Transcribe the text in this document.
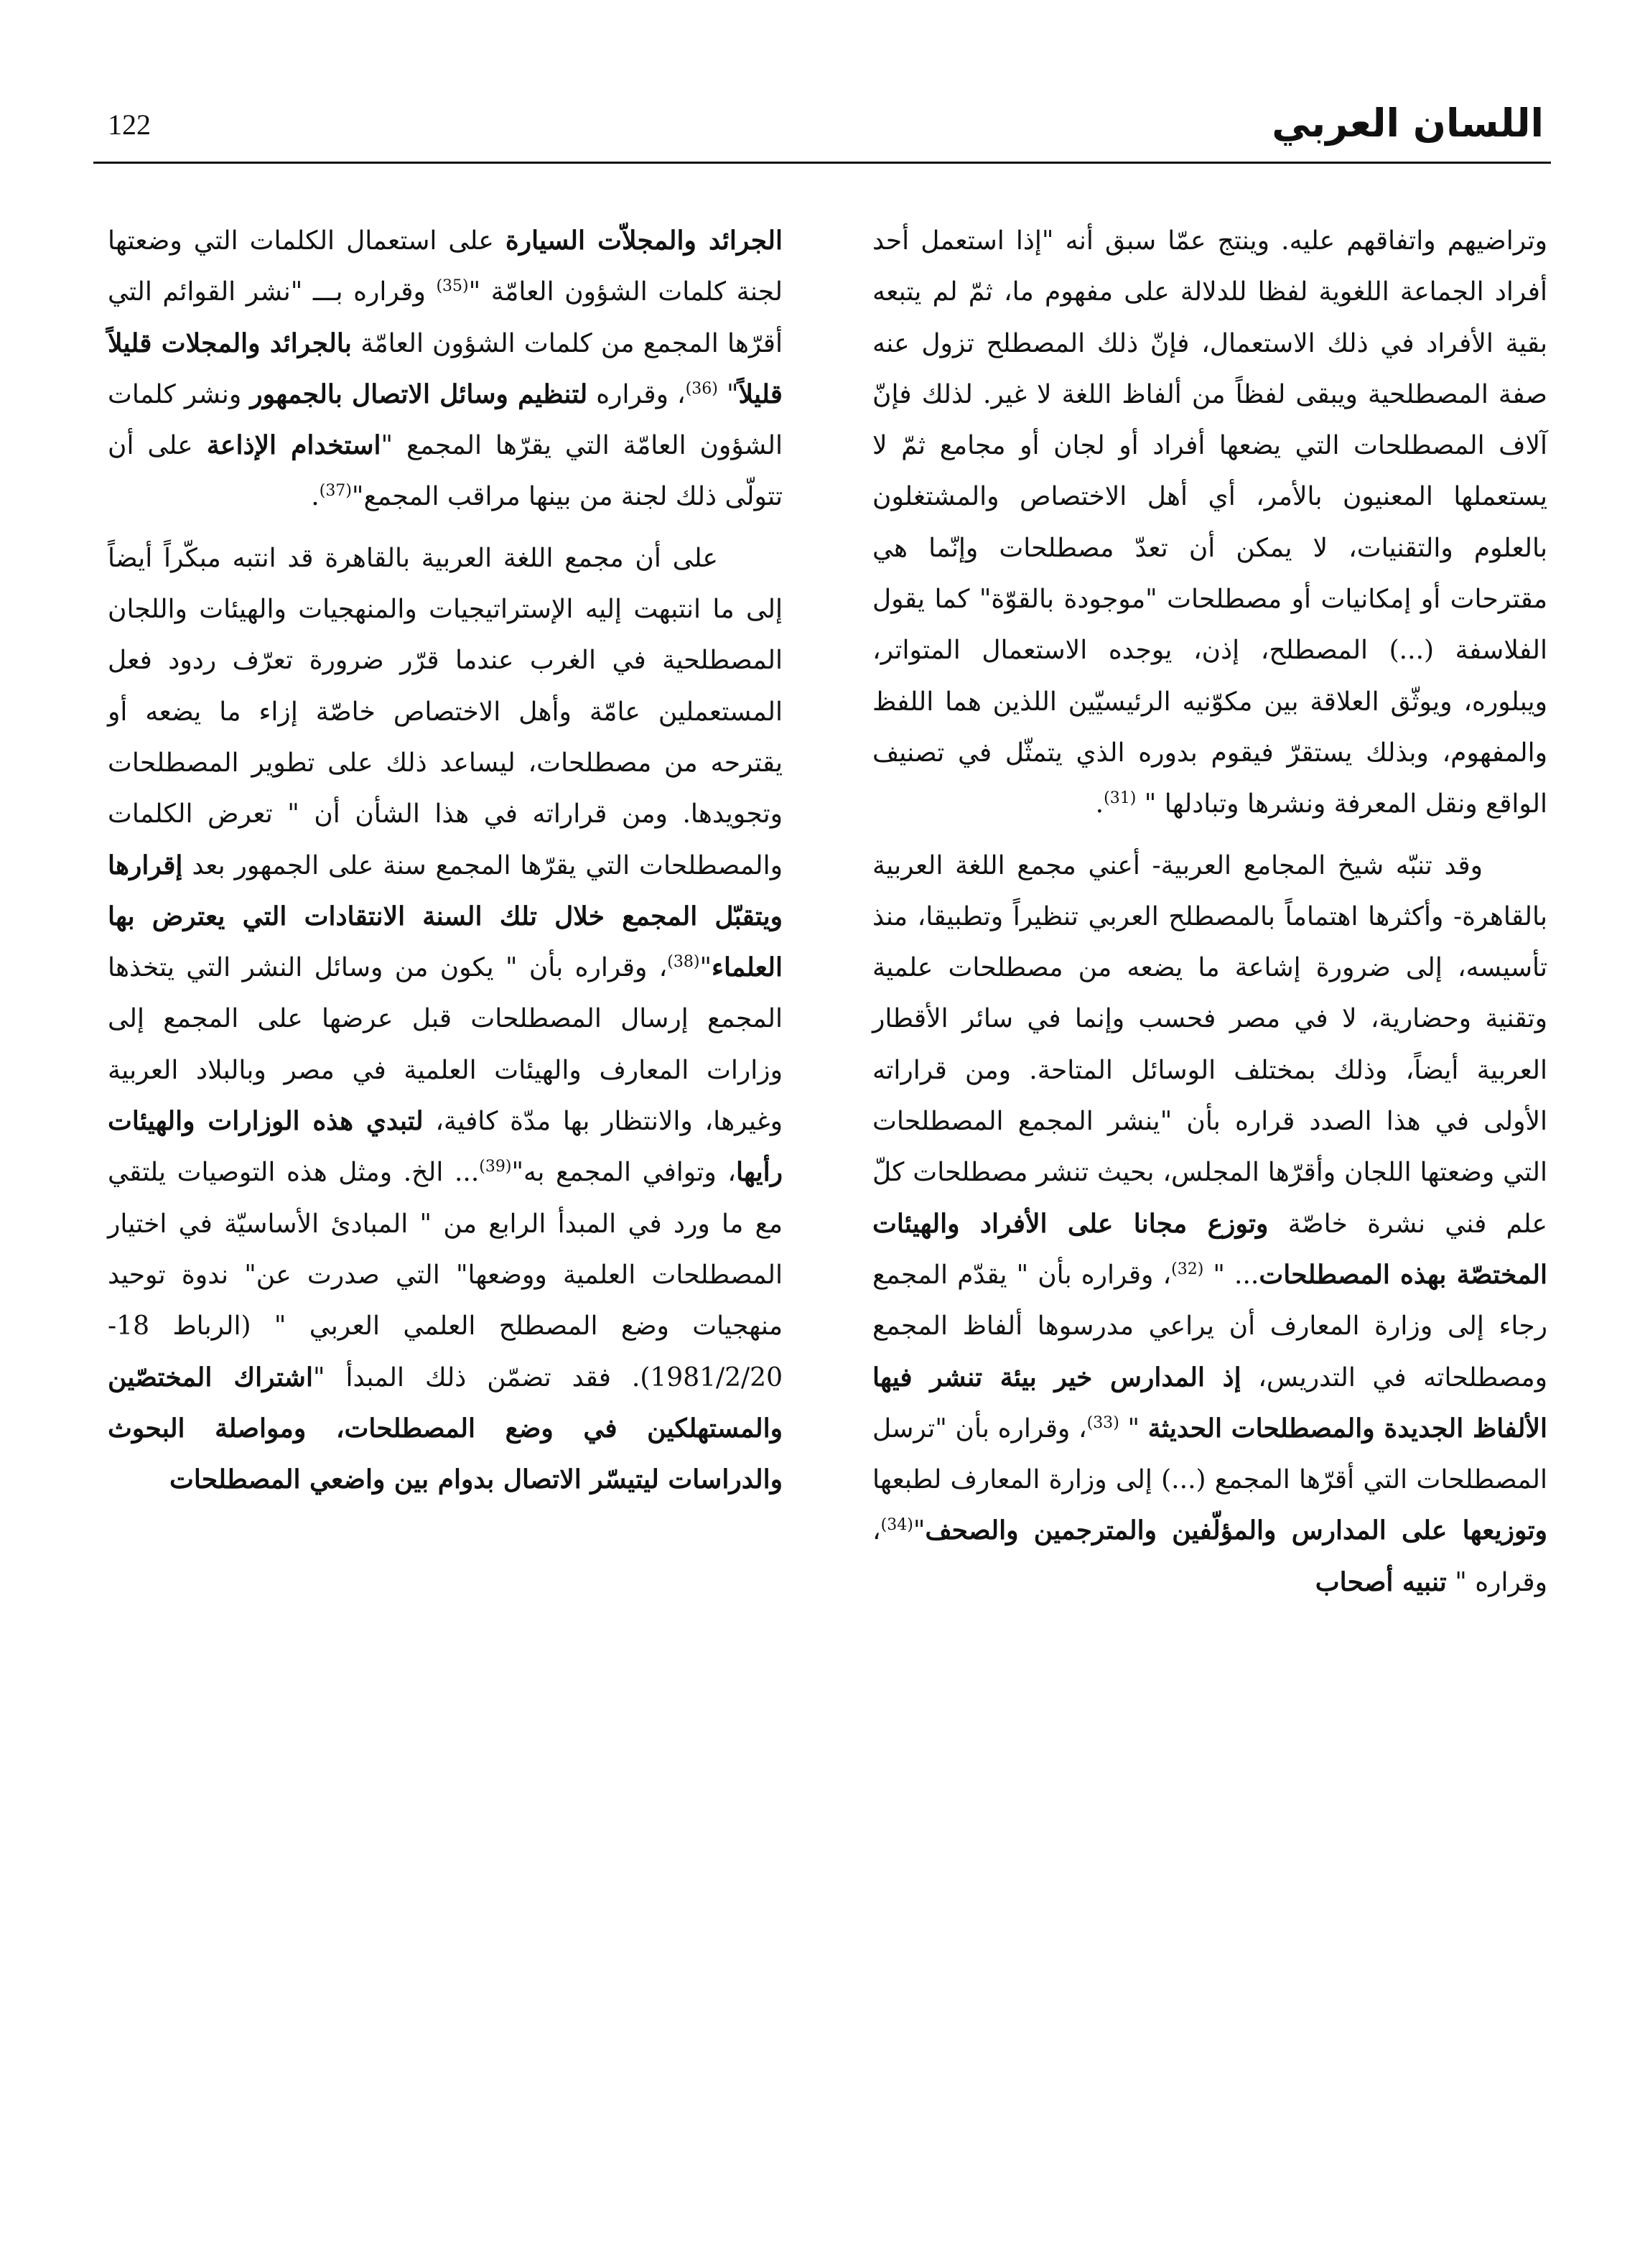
122	اللسان العربي

وتراضيهم واتفاقهم عليه. وينتج عمّا سبق أنه "إذا استعمل أحد أفراد الجماعة اللغوية لفظا للدلالة على مفهوم ما، ثمّ لم يتبعه بقية الأفراد في ذلك الاستعمال، فإنّ ذلك المصطلح تزول عنه صفة المصطلحية ويبقى لفظاً من ألفاظ اللغة لا غير. لذلك فإنّ آلاف المصطلحات التي يضعها أفراد أو لجان أو مجامع ثمّ لا يستعملها المعنيون بالأمر، أي أهل الاختصاص والمشتغلون بالعلوم والتقنيات، لا يمكن أن تعدّ مصطلحات وإنّما هي مقترحات أو إمكانيات أو مصطلحات "موجودة بالقوّة" كما يقول الفلاسفة (...) المصطلح، إذن، يوجده الاستعمال المتواتر، ويبلوره، ويوثّق العلاقة بين مكوّنيه الرئيسيّين اللذين هما اللفظ والمفهوم، وبذلك يستقرّ فيقوم بدوره الذي يتمثّل في تصنيف الواقع ونقل المعرفة ونشرها وتبادلها " $^{(31)}$.

وقد تنبّه شيخ المجامع العربية- أعني مجمع اللغة العربية بالقاهرة- وأكثرها اهتماماً بالمصطلح العربي تنظيراً وتطبيقا، منذ تأسيسه، إلى ضرورة إشاعة ما يضعه من مصطلحات علمية وتقنية وحضارية، لا في مصر فحسب وإنما في سائر الأقطار العربية أيضاً، وذلك بمختلف الوسائل المتاحة. ومن قراراته الأولى في هذا الصدد قراره بأن "ينشر المجمع المصطلحات التي وضعتها اللجان وأقرّها المجلس، بحيث تنشر مصطلحات كلّ علم فني نشرة خاصّة وتوزع مجانا على الأفراد والهيئات المختصّة بهذه المصطلحات... " $^{(32)}$، وقراره بأن " يقدّم المجمع رجاء إلى وزارة المعارف أن يراعي مدرسوها ألفاظ المجمع ومصطلحاته في التدريس، إذ المدارس خير بيئة تنشر فيها الألفاظ الجديدة والمصطلحات الحديثة " $^{(33)}$، وقراره بأن "ترسل المصطلحات التي أقرّها المجمع (...) إلى وزارة المعارف لطبعها وتوزيعها على المدارس والمؤلّفين والمترجمين والصحف"$^{(34)}$، وقراره " تنبيه أصحاب

الجرائد والمجلاّت السيارة على استعمال الكلمات التي وضعتها لجنة كلمات الشؤون العامّة "$^{(35)}$ وقراره بـــ "نشر القوائم التي أقرّها المجمع من كلمات الشؤون العامّة بالجرائد والمجلات قليلاً قليلاً" $^{(36)}$، وقراره لتنظيم وسائل الاتصال بالجمهور ونشر كلمات الشؤون العامّة التي يقرّها المجمع "استخدام الإذاعة على أن تتولّى ذلك لجنة من بينها مراقب المجمع"$^{(37)}$.

على أن مجمع اللغة العربية بالقاهرة قد انتبه مبكّراً أيضاً إلى ما انتبهت إليه الإستراتيجيات والمنهجيات والهيئات واللجان المصطلحية في الغرب عندما قرّر ضرورة تعرّف ردود فعل المستعملين عامّة وأهل الاختصاص خاصّة إزاء ما يضعه أو يقترحه من مصطلحات، ليساعد ذلك على تطوير المصطلحات وتجويدها. ومن قراراته في هذا الشأن أن " تعرض الكلمات والمصطلحات التي يقرّها المجمع سنة على الجمهور بعد إقرارها ويتقبّل المجمع خلال تلك السنة الانتقادات التي يعترض بها العلماء"$^{(38)}$، وقراره بأن " يكون من وسائل النشر التي يتخذها المجمع إرسال المصطلحات قبل عرضها على المجمع إلى وزارات المعارف والهيئات العلمية في مصر وبالبلاد العربية وغيرها، والانتظار بها مدّة كافية، لتبدي هذه الوزارات والهيئات رأيها، وتوافي المجمع به"$^{(39)}$... الخ. ومثل هذه التوصيات يلتقي مع ما ورد في المبدأ الرابع من " المبادئ الأساسيّة في اختيار المصطلحات العلمية ووضعها" التي صدرت عن" ندوة توحيد منهجيات وضع المصطلح العلمي العربي " (الرباط 18-1981/2/20). فقد تضمّن ذلك المبدأ "اشتراك المختصّين والمستهلكين في وضع المصطلحات، ومواصلة البحوث والدراسات ليتيسّر الاتصال بدوام بين واضعي المصطلحات
